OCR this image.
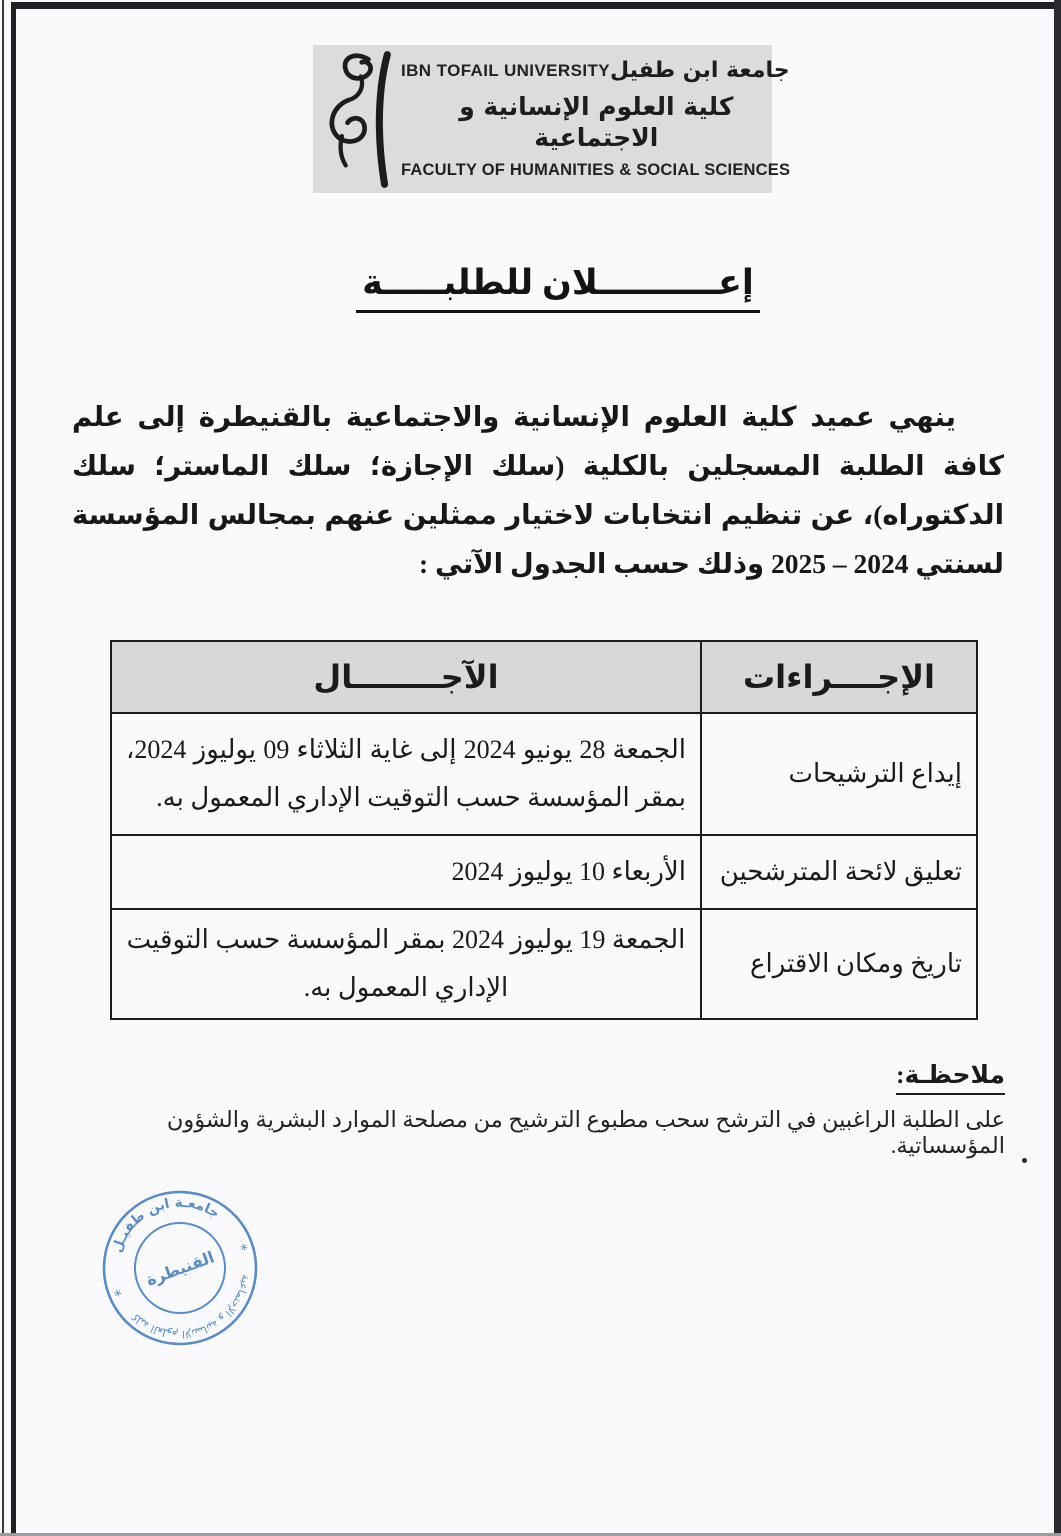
IBN TOFAIL UNIVERSITY جامعة ابن طفيل
كلية العلوم الإنسانية و الاجتماعية
FACULTY OF HUMANITIES & SOCIAL SCIENCES
إعــــــــــلان للطلبـــــة

ينهي عميد كلية العلوم الإنسانية والاجتماعية بالقنيطرة إلى علم كافة الطلبة المسجلين بالكلية (سلك الإجازة؛ سلك الماستر؛ سلك الدكتوراه)، عن تنظيم انتخابات لاختيار ممثلين عنهم بمجالس المؤسسة لسنتي 2024 – 2025 وذلك حسب الجدول الآتي :

الإجــــراءات	الآجــــــــال
إيداع الترشيحات	الجمعة 28 يونيو 2024 إلى غاية الثلاثاء 09 يوليوز 2024، بمقر المؤسسة حسب التوقيت الإداري المعمول به.
تعليق لائحة المترشحين	الأربعاء 10 يوليوز 2024
تاريخ ومكان الاقتراع	الجمعة 19 يوليوز 2024 بمقر المؤسسة حسب التوقيت الإداري المعمول به.
ملاحظـة:
على الطلبة الراغبين في الترشح سحب مطبوع الترشيح من مصلحة الموارد البشرية والشؤون المؤسساتية.
جامعـة ابن طفيـل
كلية العلوم الإنسانية و الإجتماعية
القنيطرة
*
*
